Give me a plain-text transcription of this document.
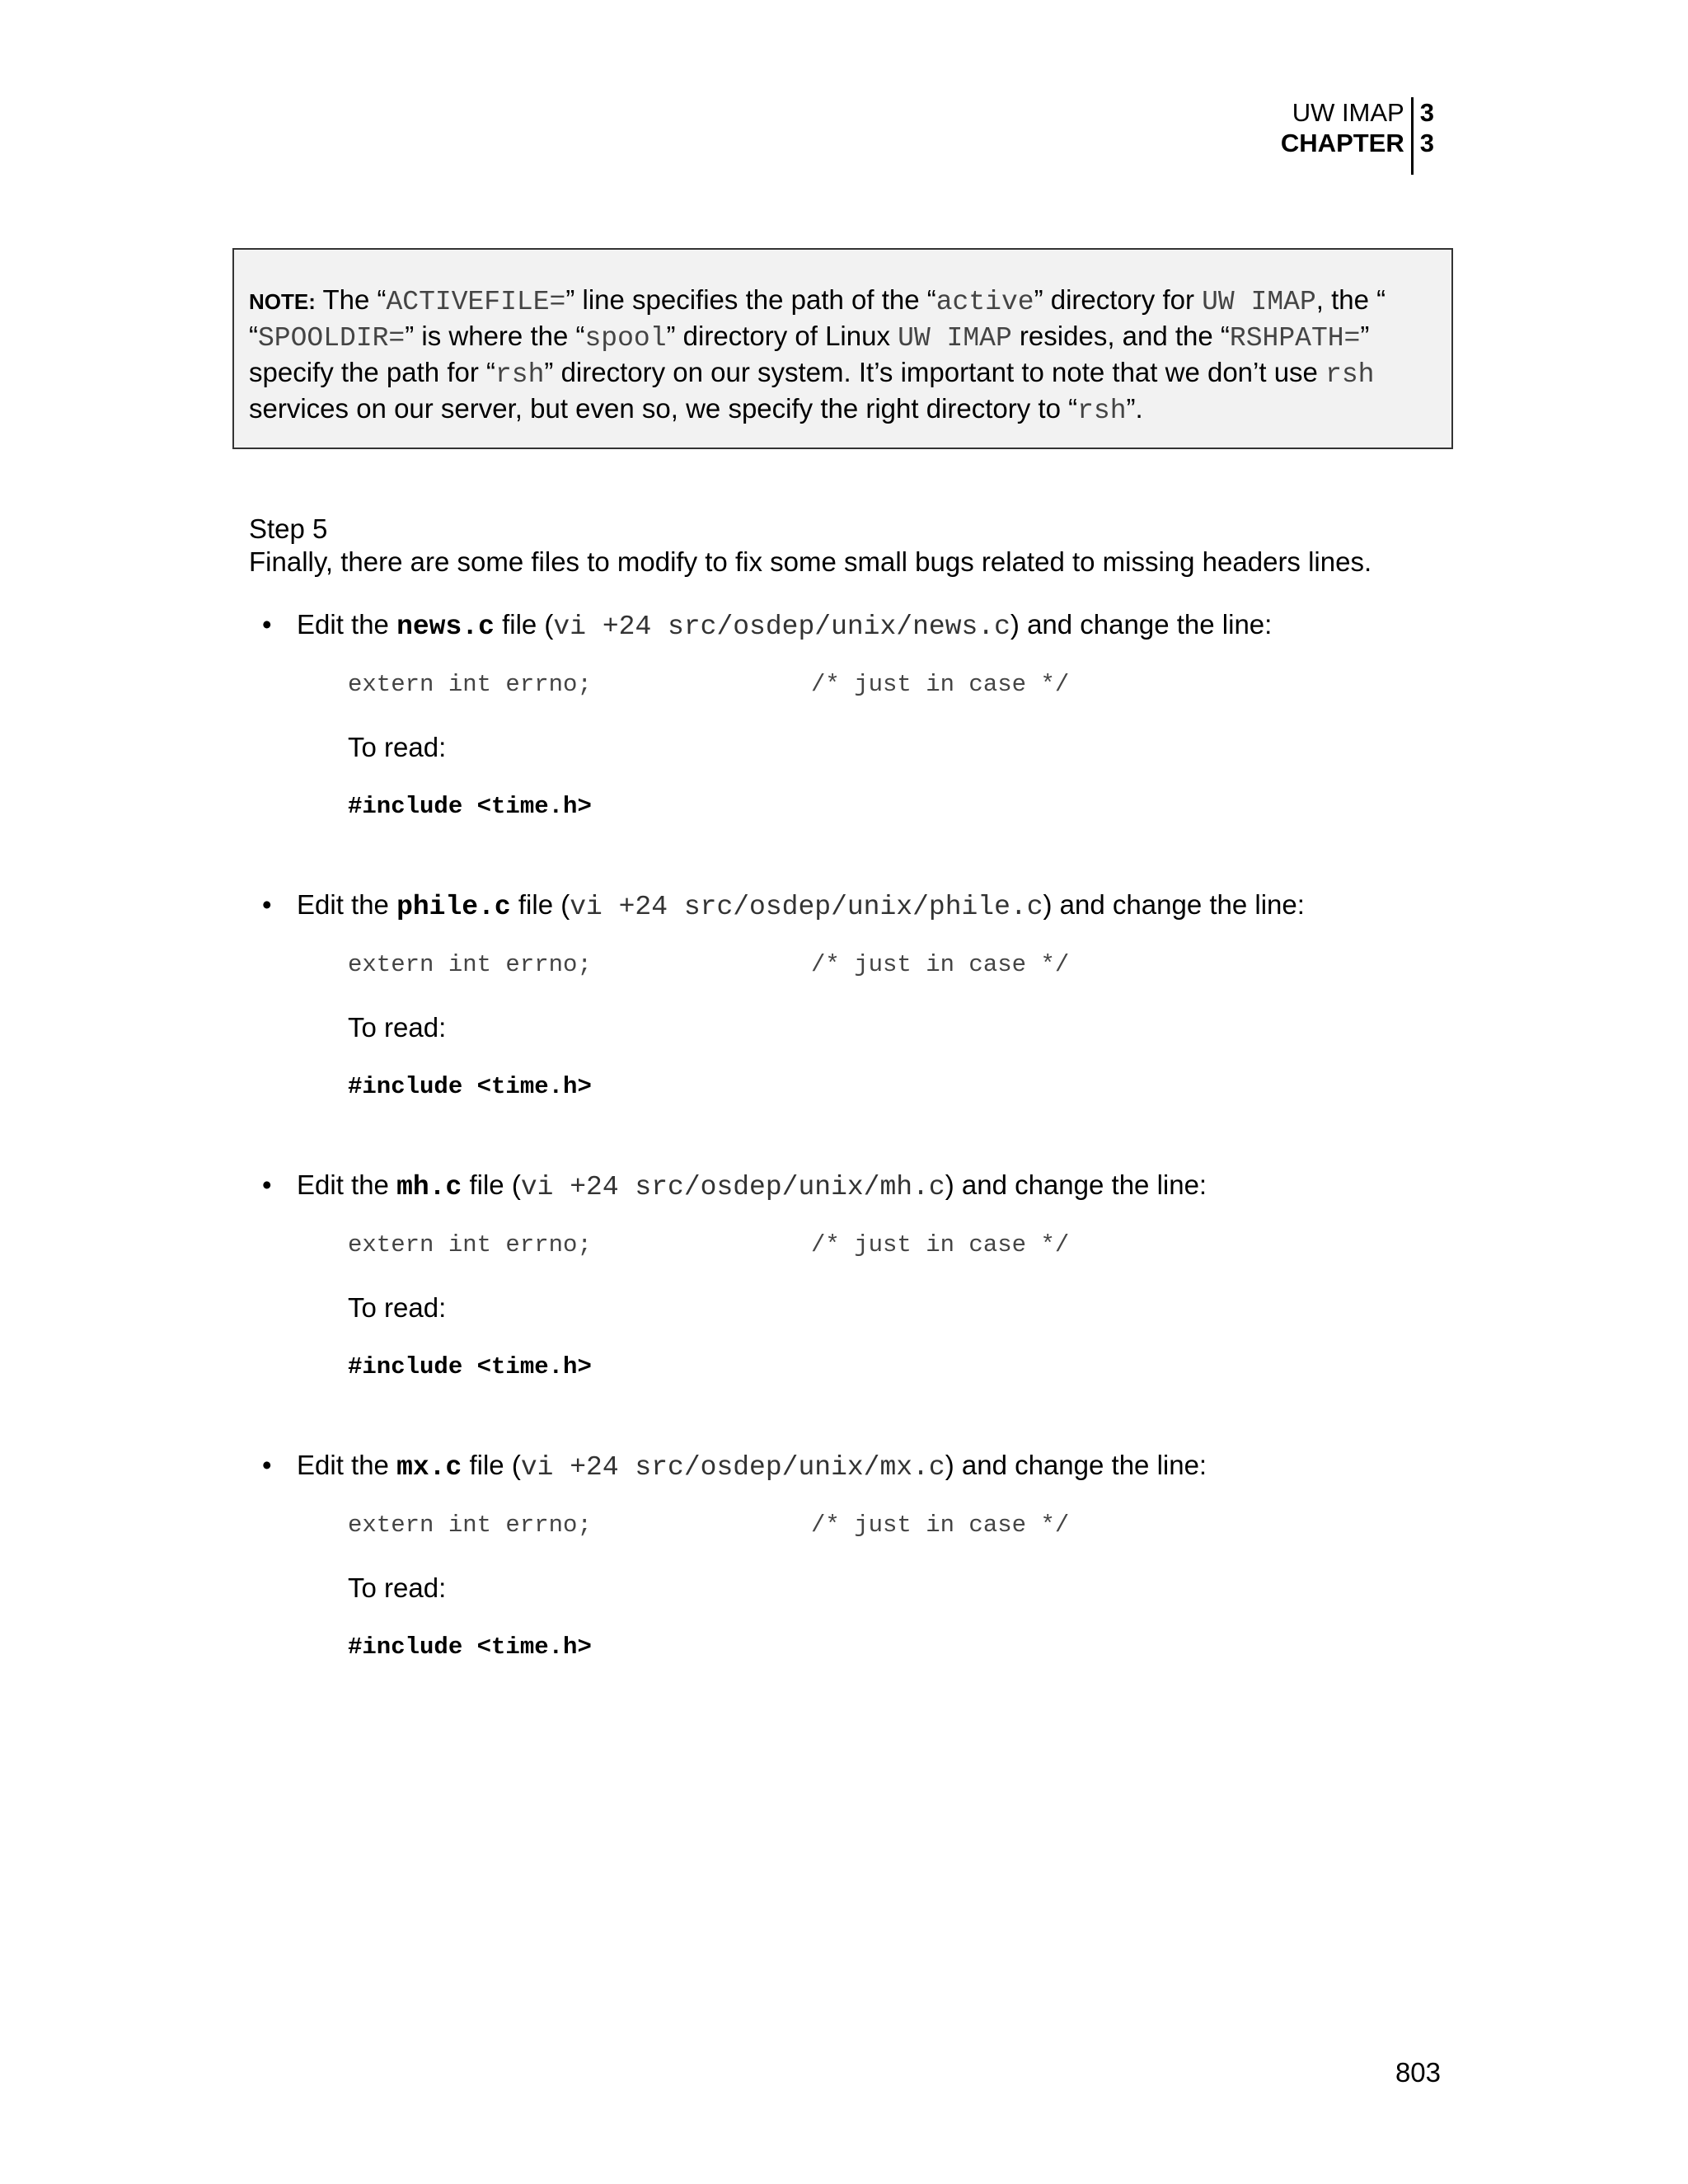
UW IMAP
CHAPTER
3
3
NOTE: The “ACTIVEFILE=” line specifies the path of the “active” directory for UW IMAP, the “
“SPOOLDIR=” is where the “spool” directory of Linux UW IMAP resides, and the “RSHPATH=”
specify the path for “rsh” directory on our system. It’s important to note that we don’t use rsh
services on our server, but even so, we specify the right directory to “rsh”.
Step 5
Finally, there are some files to modify to fix some small bugs related to missing headers lines.
• Edit the news.c file (vi +24 src/osdep/unix/news.c) and change the line:
extern int errno;	/* just in case */
To read:
#include <time.h>
• Edit the phile.c file (vi +24 src/osdep/unix/phile.c) and change the line:
extern int errno;	/* just in case */
To read:
#include <time.h>
• Edit the mh.c file (vi +24 src/osdep/unix/mh.c) and change the line:
extern int errno;	/* just in case */
To read:
#include <time.h>
• Edit the mx.c file (vi +24 src/osdep/unix/mx.c) and change the line:
extern int errno;	/* just in case */
To read:
#include <time.h>
803
